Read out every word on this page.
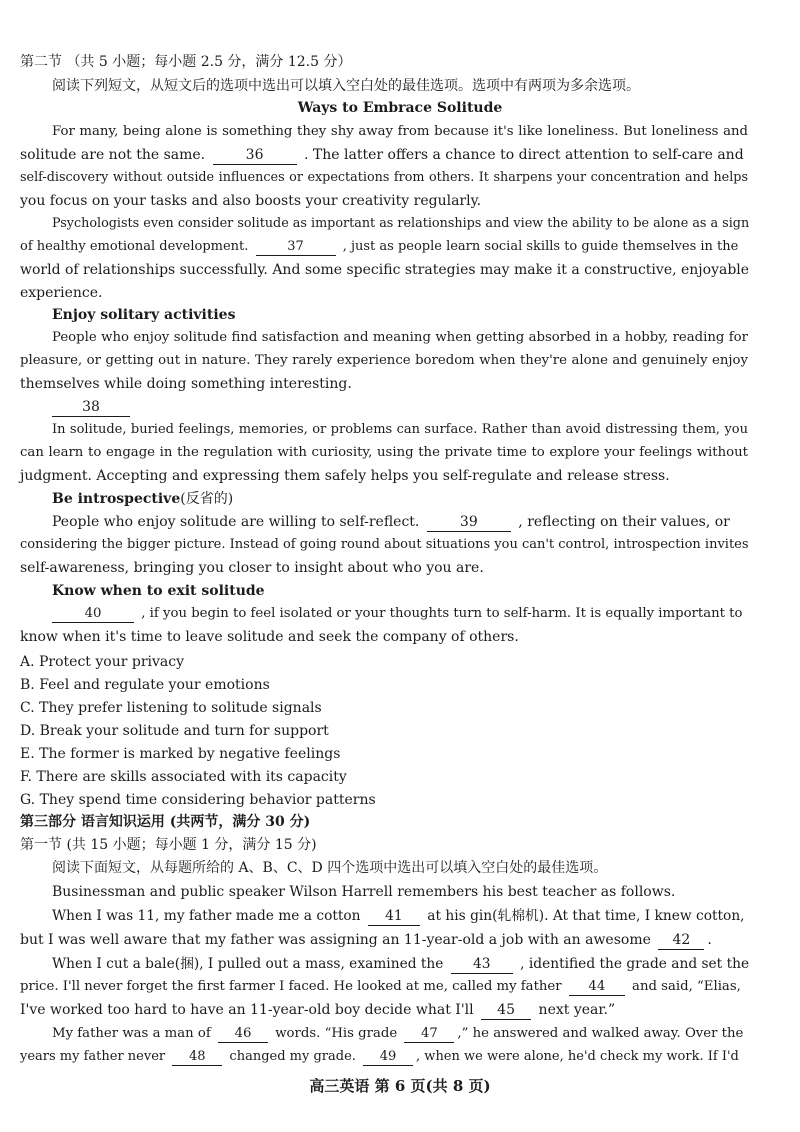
第二节 （共 5 小题；每小题 2.5 分，满分 12.5 分）
阅读下列短文，从短文后的选项中选出可以填入空白处的最佳选项。选项中有两项为多余选项。
Ways to Embrace Solitude
For many, being alone is something they shy away from because it's like loneliness. But loneliness and
solitude are not the same.	36	. The latter offers a chance to direct attention to self-care and
self-discovery without outside influences or expectations from others. It sharpens your concentration and helps
you focus on your tasks and also boosts your creativity regularly.
Psychologists even consider solitude as important as relationships and view the ability to be alone as a sign
of healthy emotional development.	37	, just as people learn social skills to guide themselves in the
world of relationships successfully. And some specific strategies may make it a constructive, enjoyable
experience.
Enjoy solitary activities
People who enjoy solitude find satisfaction and meaning when getting absorbed in a hobby, reading for
pleasure, or getting out in nature. They rarely experience boredom when they're alone and genuinely enjoy
themselves while doing something interesting.
38
In solitude, buried feelings, memories, or problems can surface. Rather than avoid distressing them, you
can learn to engage in the regulation with curiosity, using the private time to explore your feelings without
judgment. Accepting and expressing them safely helps you self-regulate and release stress.
Be introspective(反省的)
People who enjoy solitude are willing to self-reflect.	39	, reflecting on their values, or
considering the bigger picture. Instead of going round about situations you can't control, introspection invites
self-awareness, bringing you closer to insight about who you are.
Know when to exit solitude
40	, if you begin to feel isolated or your thoughts turn to self-harm. It is equally important to
know when it's time to leave solitude and seek the company of others.
A. Protect your privacy
B. Feel and regulate your emotions
C. They prefer listening to solitude signals
D. Break your solitude and turn for support
E. The former is marked by negative feelings
F. There are skills associated with its capacity
G. They spend time considering behavior patterns
第三部分 语言知识运用 (共两节，满分 30 分)
第一节 (共 15 小题；每小题 1 分，满分 15 分)
阅读下面短文，从每题所给的 A、B、C、D 四个选项中选出可以填入空白处的最佳选项。
Businessman and public speaker Wilson Harrell remembers his best teacher as follows.
When I was 11, my father made me a cotton 41 at his gin(轧棉机). At that time, I knew cotton,
but I was well aware that my father was assigning an 11-year-old a job with an awesome 42 .
When I cut a bale(捆), I pulled out a mass, examined the 43 , identified the grade and set the
price. I'll never forget the first farmer I faced. He looked at me, called my father 44 and said, “Elias,
I've worked too hard to have an 11-year-old boy decide what I'll 45 next year.”
My father was a man of 46 words. “His grade 47 ,” he answered and walked away. Over the
years my father never 48 changed my grade. 49 , when we were alone, he'd check my work. If I'd
高三英语 第 6 页(共 8 页)
